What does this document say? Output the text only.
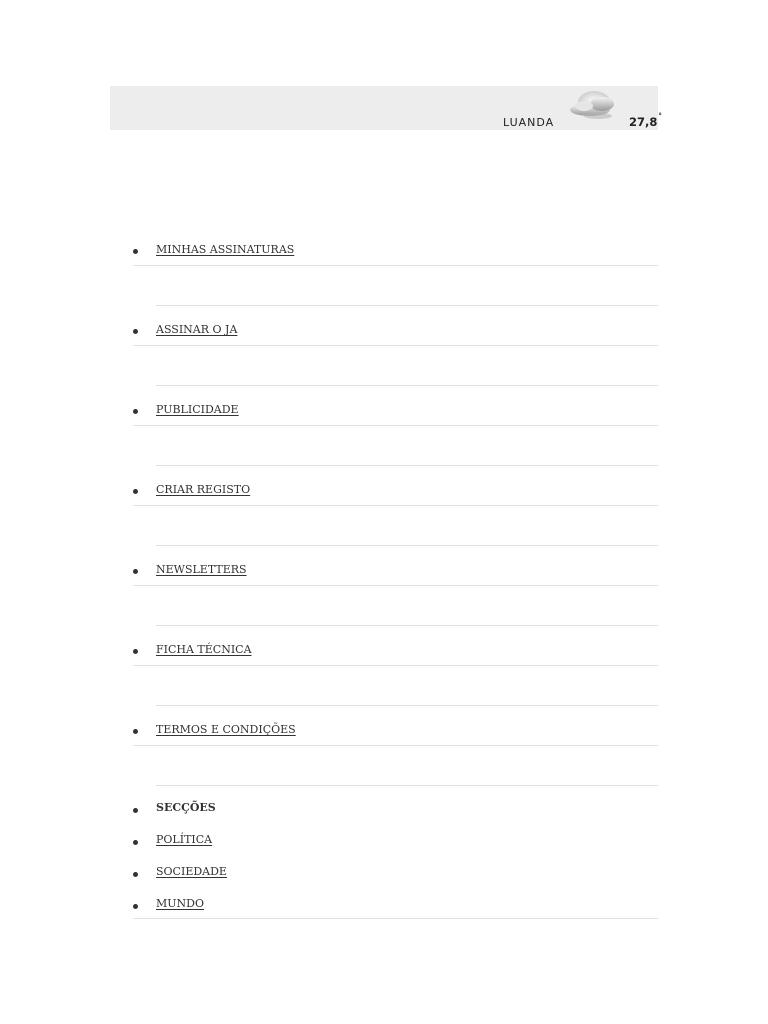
LUANDA	27,8°
MINHAS ASSINATURAS
ASSINAR O JA
PUBLICIDADE
CRIAR REGISTO
NEWSLETTERS
FICHA TÉCNICA
TERMOS E CONDIÇÕES
SECÇÕES
POLÍTICA
SOCIEDADE
MUNDO
